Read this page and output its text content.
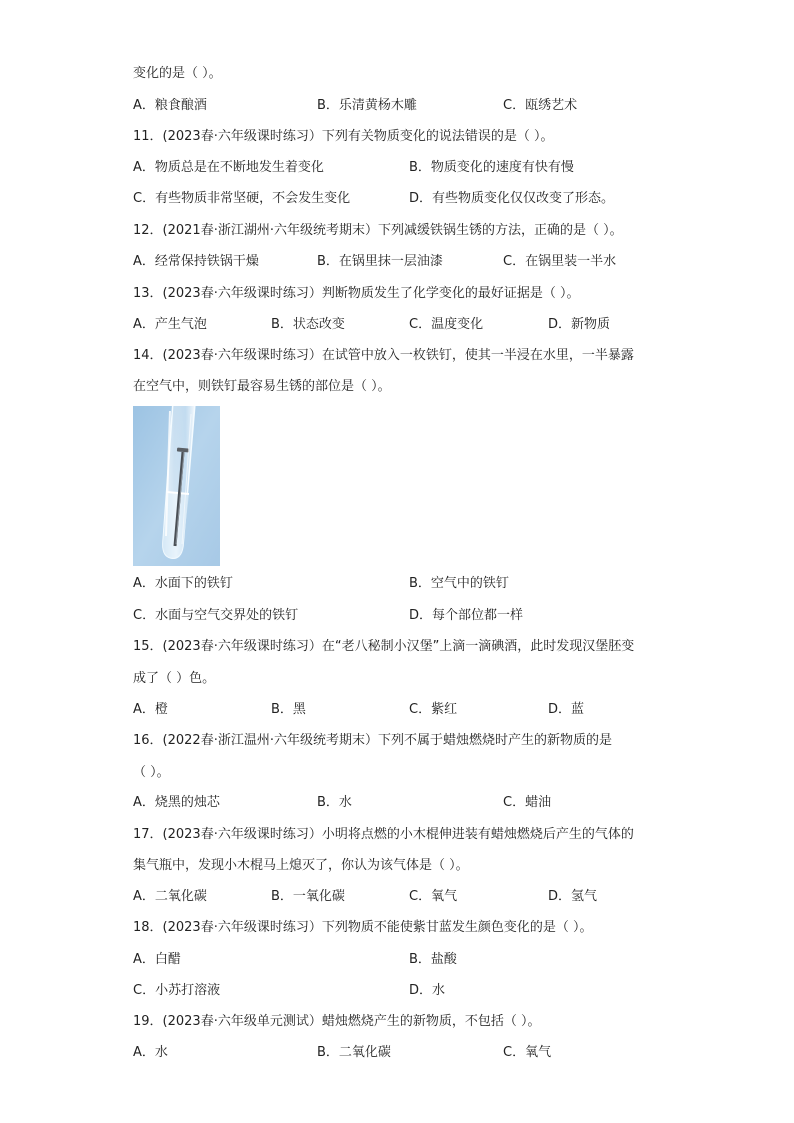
变化的是（ ）。
A．粮食酿酒	B．乐清黄杨木雕	C．瓯绣艺术
11．(2023春·六年级课时练习）下列有关物质变化的说法错误的是（ ）。
A．物质总是在不断地发生着变化	B．物质变化的速度有快有慢
C．有些物质非常坚硬，不会发生变化	D．有些物质变化仅仅改变了形态。
12．(2021春·浙江湖州·六年级统考期末）下列减缓铁锅生锈的方法，正确的是（ ）。
A．经常保持铁锅干燥	B．在锅里抹一层油漆	C．在锅里装一半水
13．(2023春·六年级课时练习）判断物质发生了化学变化的最好证据是（ ）。
A．产生气泡	B．状态改变	C．温度变化	D．新物质
14．(2023春·六年级课时练习）在试管中放入一枚铁钉，使其一半浸在水里，一半暴露
在空气中，则铁钉最容易生锈的部位是（ ）。
A．水面下的铁钉	B．空气中的铁钉
C．水面与空气交界处的铁钉	D．每个部位都一样
15．(2023春·六年级课时练习）在“老八秘制小汉堡”上滴一滴碘酒，此时发现汉堡胚变
成了（ ）色。
A．橙	B．黑	C．紫红	D．蓝
16．(2022春·浙江温州·六年级统考期末）下列不属于蜡烛燃烧时产生的新物质的是
（ ）。
A．烧黑的烛芯	B．水	C．蜡油
17．(2023春·六年级课时练习）小明将点燃的小木棍伸进装有蜡烛燃烧后产生的气体的
集气瓶中，发现小木棍马上熄灭了，你认为该气体是（ ）。
A．二氧化碳	B．一氧化碳	C．氧气	D．氢气
18．(2023春·六年级课时练习）下列物质不能使紫甘蓝发生颜色变化的是（ ）。
A．白醋	B．盐酸
C．小苏打溶液	D．水
19．(2023春·六年级单元测试）蜡烛燃烧产生的新物质，不包括（ ）。
A．水	B．二氧化碳	C．氧气
